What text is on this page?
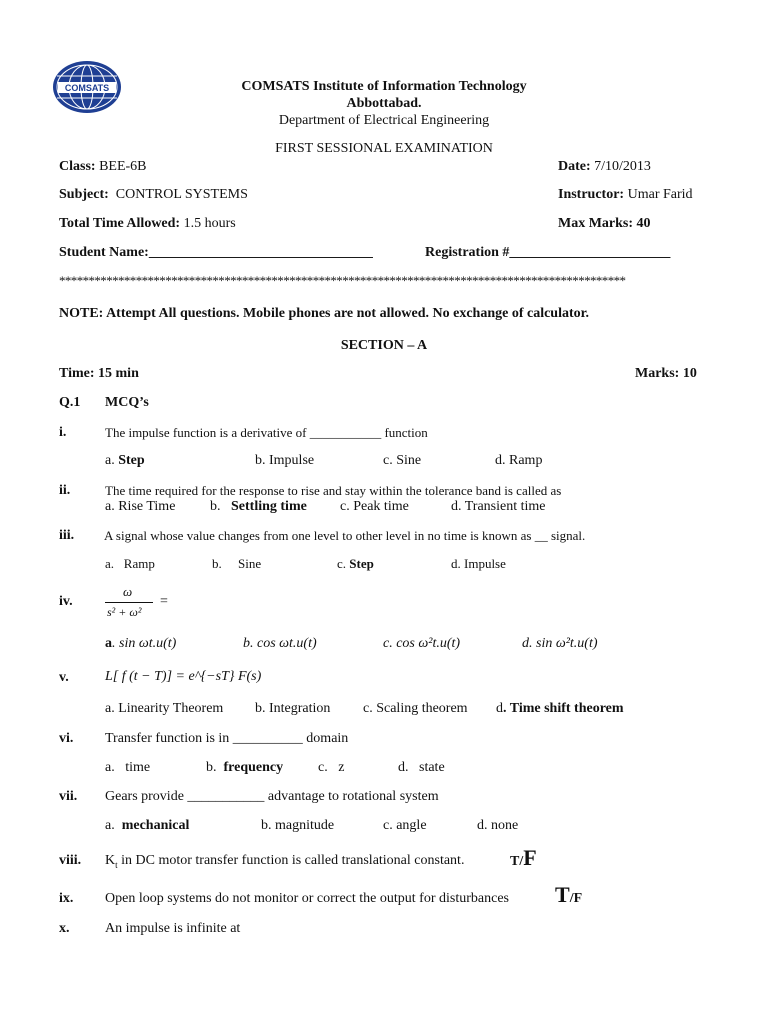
COMSATS	COMSATS Institute of Information Technology
Abbottabad.
Department of Electrical Engineering
FIRST SESSIONAL EXAMINATION
Class: BEE-6B	Date: 7/10/2013
Subject: CONTROL SYSTEMS	Instructor: Umar Farid
Total Time Allowed: 1.5 hours	Max Marks: 40
Student Name:________________________________	Registration #_______________________
************************************************************************************************
NOTE: Attempt All questions. Mobile phones are not allowed. No exchange of calculator.
SECTION – A
Time: 15 min	Marks: 10
Q.1 MCQ’s
i.	The impulse function is a derivative of ___________ function
a. Step	b. Impulse	c. Sine	d. Ramp
ii.	The time required for the response to rise and stay within the tolerance band is called as
a. Rise Time b. Settling time c. Peak time	d. Transient time
iii. A signal whose value changes from one level to other level in no time is known as __ signal.
a.   Ramp	b.     Sine	c. Step	d. Impulse
iv.
ω
s² + ω²
=
a. sin ωt.u(t)	b. cos ωt.u(t)	c. cos ω²t.u(t)	d. sin ω²t.u(t)
v.	L[ f (t − T)] = e^{−sT} F(s)
a. Linearity Theorem b. Integration c. Scaling theorem d. Time shift theorem
vi. Transfer function is in __________ domain
a.   time	b.  frequency c.   z	d.   state
vii. Gears provide ___________ advantage to rotational system
a.  mechanical	b. magnitude	c. angle	d. none
viii. $K_t$ in DC motor transfer function is called translational constant.	T/F
ix. Open loop systems do not monitor or correct the output for disturbances T/F
x.	An impulse is infinite at
